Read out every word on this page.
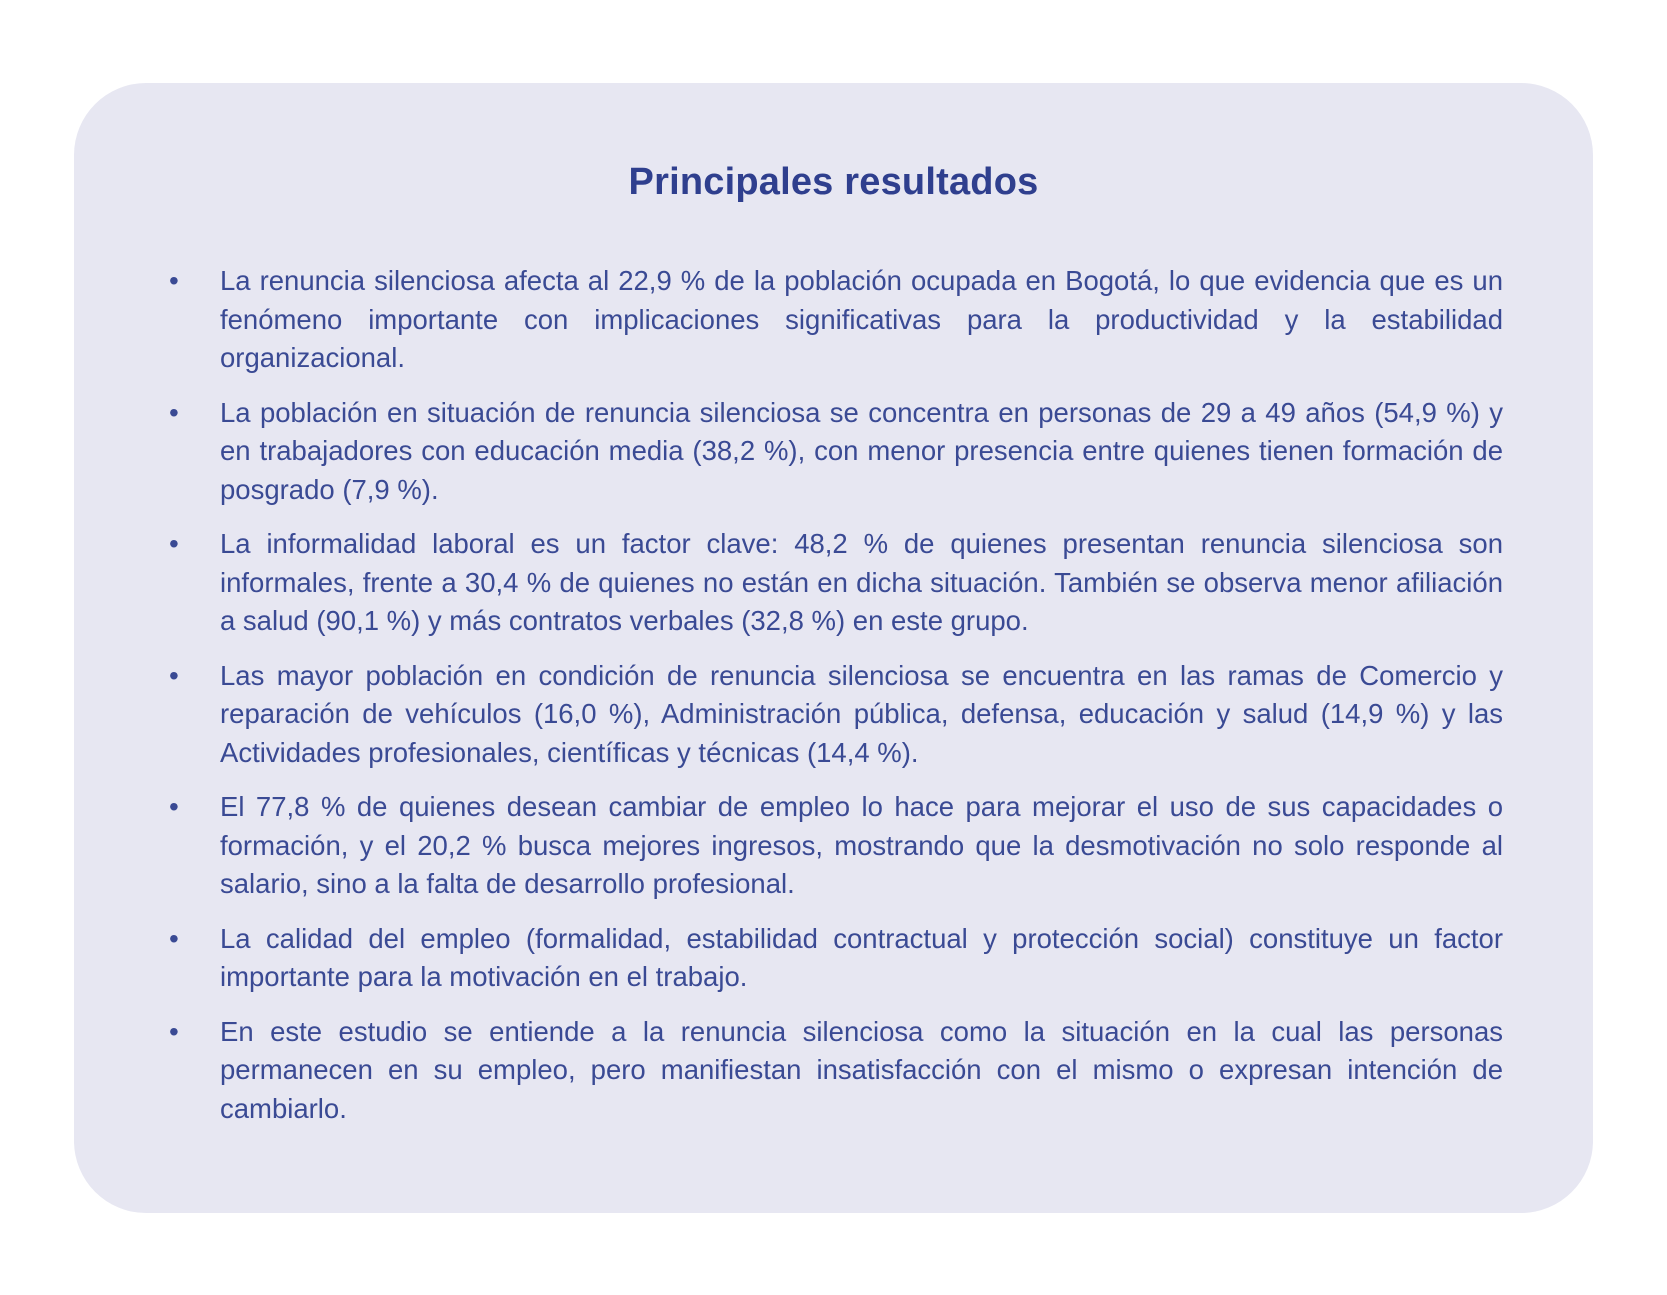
Principales resultados
• La renuncia silenciosa afecta al 22,9 % de la población ocupada en Bogotá, lo que evidencia que es un fenómeno importante con implicaciones significativas para la productividad y la estabilidad organizacional.
• La población en situación de renuncia silenciosa se concentra en personas de 29 a 49 años (54,9 %) y en trabajadores con educación media (38,2 %), con menor presencia entre quienes tienen formación de posgrado (7,9 %).
• La informalidad laboral es un factor clave: 48,2 % de quienes presentan renuncia silenciosa son informales, frente a 30,4 % de quienes no están en dicha situación. También se observa menor afiliación a salud (90,1 %) y más contratos verbales (32,8 %) en este grupo.
• Las mayor población en condición de renuncia silenciosa se encuentra en las ramas de Comercio y reparación de vehículos (16,0 %), Administración pública, defensa, educación y salud (14,9 %) y las Actividades profesionales, científicas y técnicas (14,4 %).
• El 77,8 % de quienes desean cambiar de empleo lo hace para mejorar el uso de sus capacidades o formación, y el 20,2 % busca mejores ingresos, mostrando que la desmotivación no solo responde al salario, sino a la falta de desarrollo profesional.
• La calidad del empleo (formalidad, estabilidad contractual y protección social) constituye un factor importante para la motivación en el trabajo.
• En este estudio se entiende a la renuncia silenciosa como la situación en la cual las personas permanecen en su empleo, pero manifiestan insatisfacción con el mismo o expresan intención de cambiarlo.
